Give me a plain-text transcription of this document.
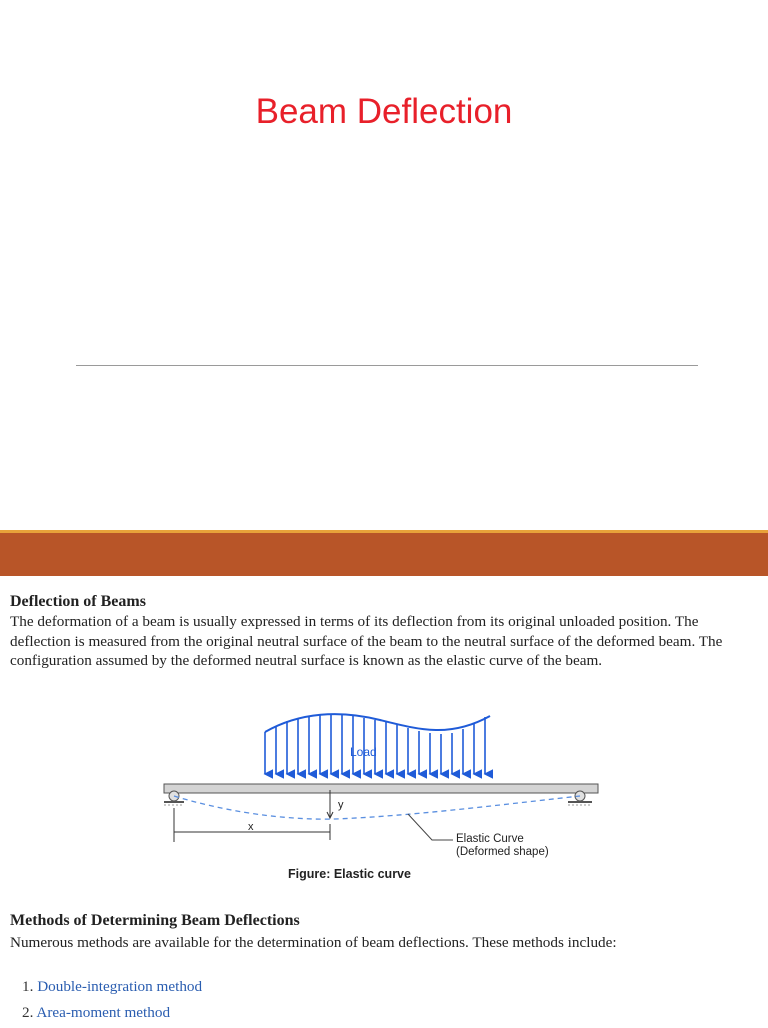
Beam Deflection
Deflection of Beams
The deformation of a beam is usually expressed in terms of its deflection from its original unloaded position. The deflection is measured from the original neutral surface of the beam to the neutral surface of the deformed beam. The configuration assumed by the deformed neutral surface is known as the elastic curve of the beam.
Load
y
x
Elastic Curve
(Deformed shape)
Figure: Elastic curve
Methods of Determining Beam Deflections
Numerous methods are available for the determination of beam deflections. These methods include:
1. Double-integration method
2. Area-moment method
